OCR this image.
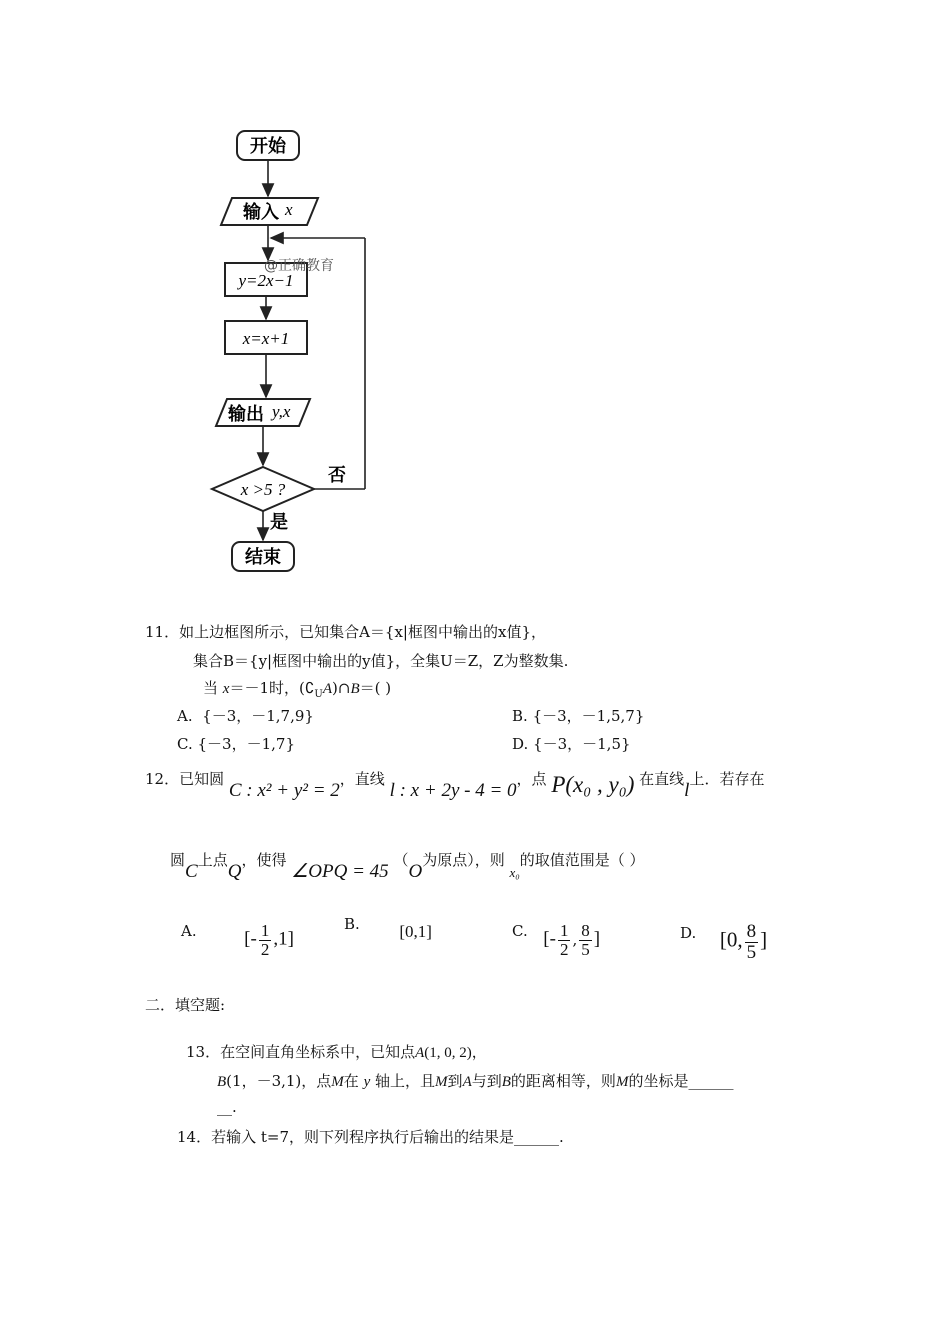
开始
输入 x
y=2x−1
@正确教育
x=x+1
输出 y,x
x >5 ?
否
是
结束
11．如上边框图所示，已知集合A＝{x|框图中输出的x值}，
集合B＝{y|框图中输出的y值}，全集U＝Z，Z为整数集.
当 x＝－1时，$(∁_UA)\cap B=$( )
A. {－3，－1,7,9}	B. {－3，－1,5,7}
C. {－3，－1,7}	D. {－3，－1,5}
12．已知圆 C : x² + y² = 2，直线 l : x + 2y - 4 = 0，点 P(x₀ , y₀) 在直线l上．若存在
圆C上点Q，使得 ∠OPQ = 45 （O为原点），则 x₀的取值范围是（ ）
A.	[- $\frac{1}{2} ,1$]
B. [0,1]	C. [- $\frac{1}{2}$ , $\frac{8}{5}$ ]	D. [0, $\frac{8}{5}$ ]
二．填空题:
13．在空间直角坐标系中，已知点A(1, 0, 2)，
B(1，－3,1)，点M在 y 轴上，且M到A与到B的距离相等，则M的坐标是______
__.
14．若输入 t=7，则下列程序执行后输出的结果是______.
